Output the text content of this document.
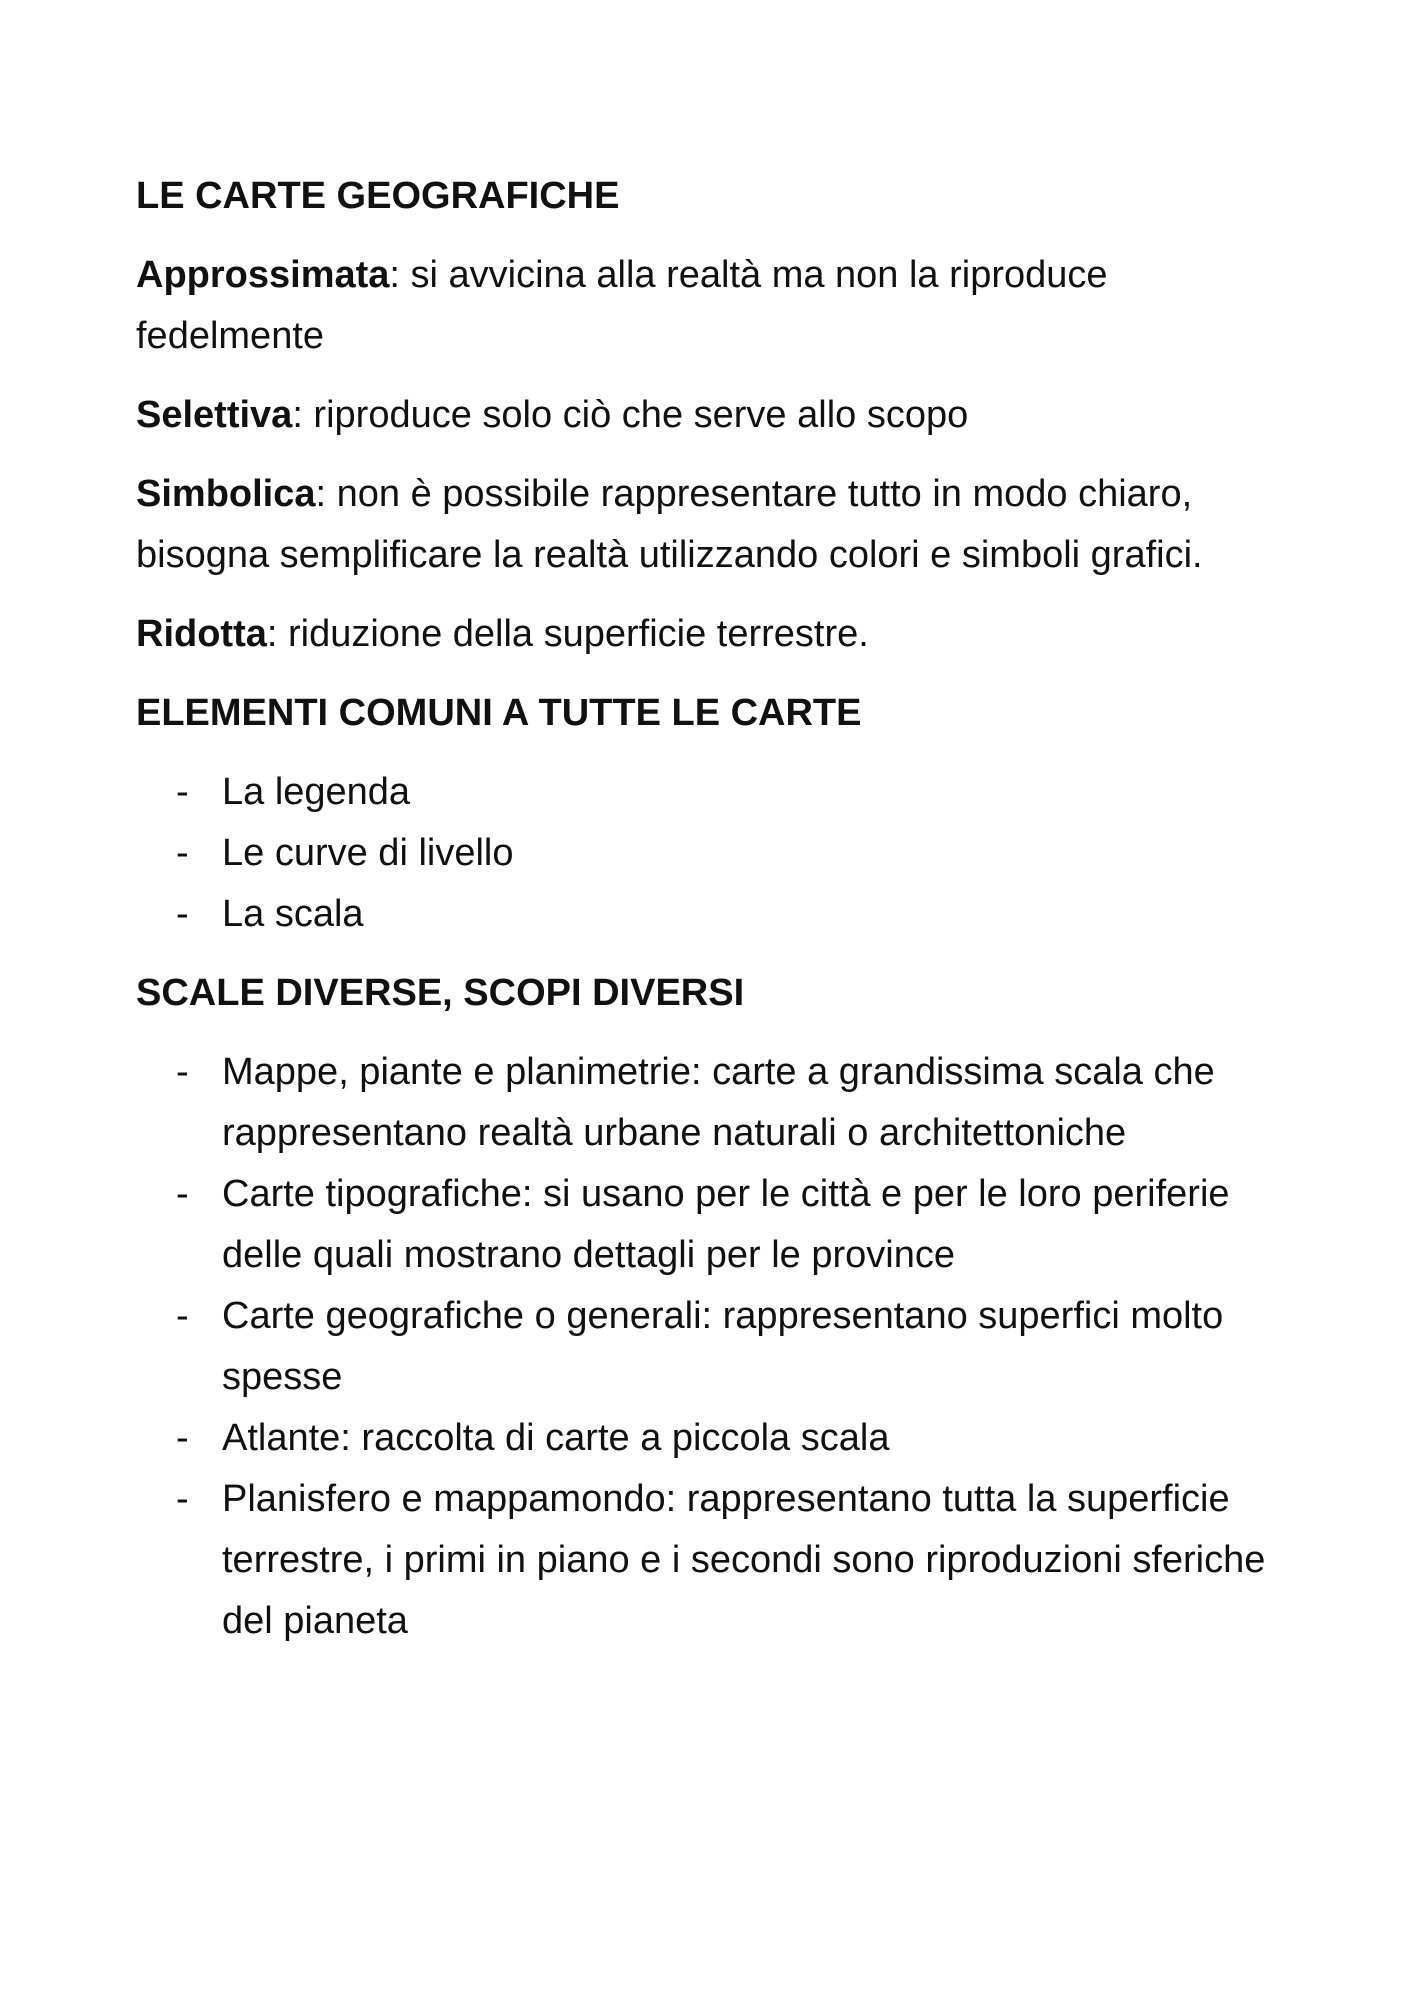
LE CARTE GEOGRAFICHE
Approssimata: si avvicina alla realtà ma non la riproduce fedelmente
Selettiva: riproduce solo ciò che serve allo scopo
Simbolica: non è possibile rappresentare tutto in modo chiaro, bisogna semplificare la realtà utilizzando colori e simboli grafici.
Ridotta: riduzione della superficie terrestre.
ELEMENTI COMUNI A TUTTE LE CARTE
- La legenda
- Le curve di livello
- La scala
SCALE DIVERSE, SCOPI DIVERSI
- Mappe, piante e planimetrie: carte a grandissima scala che rappresentano realtà urbane naturali o architettoniche
- Carte tipografiche: si usano per le città e per le loro periferie delle quali mostrano dettagli per le province
- Carte geografiche o generali: rappresentano superfici molto spesse
- Atlante: raccolta di carte a piccola scala
- Planisfero e mappamondo: rappresentano tutta la superficie terrestre, i primi in piano e i secondi sono riproduzioni sferiche del pianeta
